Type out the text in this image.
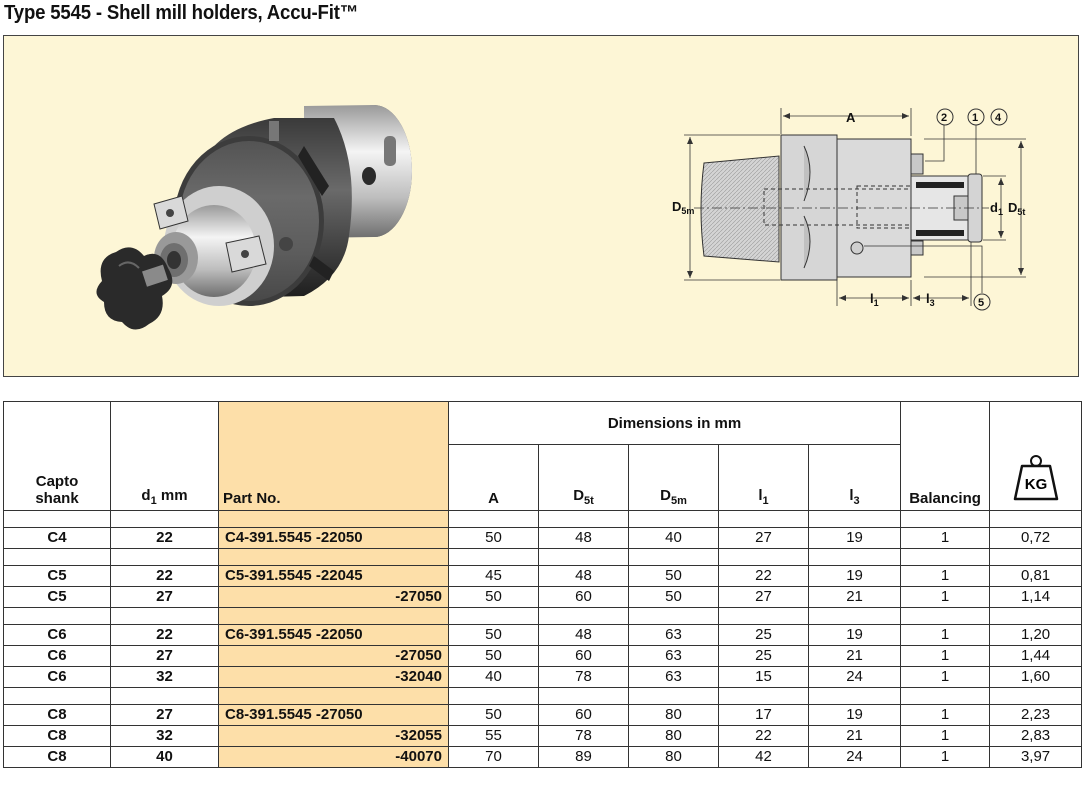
Type 5545 - Shell mill holders, Accu-Fit™
A
$D_{5m}$	$d_1$ $D_{5t}$
$l_1$	$l_3$
2 1 4
5
Capto
shank	$d_1$ mm	Part No.	Dimensions in mm					Balancing	KG

			A	$D_{5t}$	$D_{5m}$	$l_1$	$l_3$

C4	22	C4-391.5545 -22050	50	48	40	27	19	1	0,72

C5	22	C5-391.5545 -22045	45	48	50	22	19	1	0,81
C5	27	-27050	50	60	50	27	21	1	1,14

C6	22	C6-391.5545 -22050	50	48	63	25	19	1	1,20
C6	27	-27050	50	60	63	25	21	1	1,44
C6	32	-32040	40	78	63	15	24	1	1,60

C8	27	C8-391.5545 -27050	50	60	80	17	19	1	2,23
C8	32	-32055	55	78	80	22	21	1	2,83
C8	40	-40070	70	89	80	42	24	1	3,97
